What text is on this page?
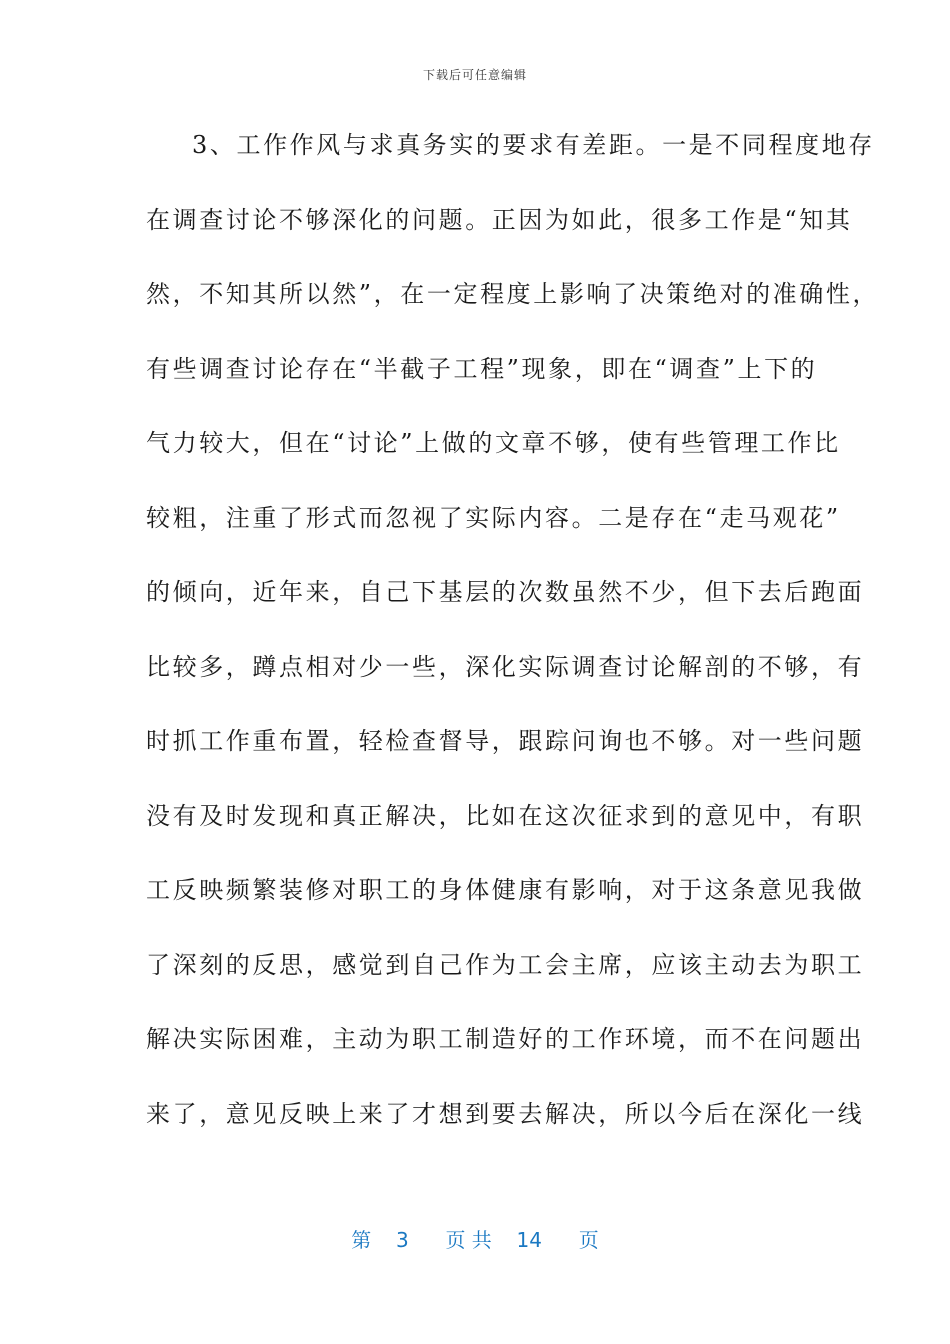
下载后可任意编辑
3、工作作风与求真务实的要求有差距。一是不同程度地存
在调查讨论不够深化的问题。正因为如此，很多工作是“知其
然，不知其所以然”，在一定程度上影响了决策绝对的准确性，
有些调查讨论存在“半截子工程”现象，即在“调查”上下的
气力较大，但在“讨论”上做的文章不够，使有些管理工作比
较粗，注重了形式而忽视了实际内容。二是存在“走马观花”
的倾向，近年来，自己下基层的次数虽然不少，但下去后跑面
比较多，蹲点相对少一些，深化实际调查讨论解剖的不够，有
时抓工作重布置，轻检查督导，跟踪问询也不够。对一些问题
没有及时发现和真正解决，比如在这次征求到的意见中，有职
工反映频繁装修对职工的身体健康有影响，对于这条意见我做
了深刻的反思，感觉到自己作为工会主席，应该主动去为职工
解决实际困难，主动为职工制造好的工作环境，而不在问题出
来了，意见反映上来了才想到要去解决，所以今后在深化一线
第 3 页 共 14 页
